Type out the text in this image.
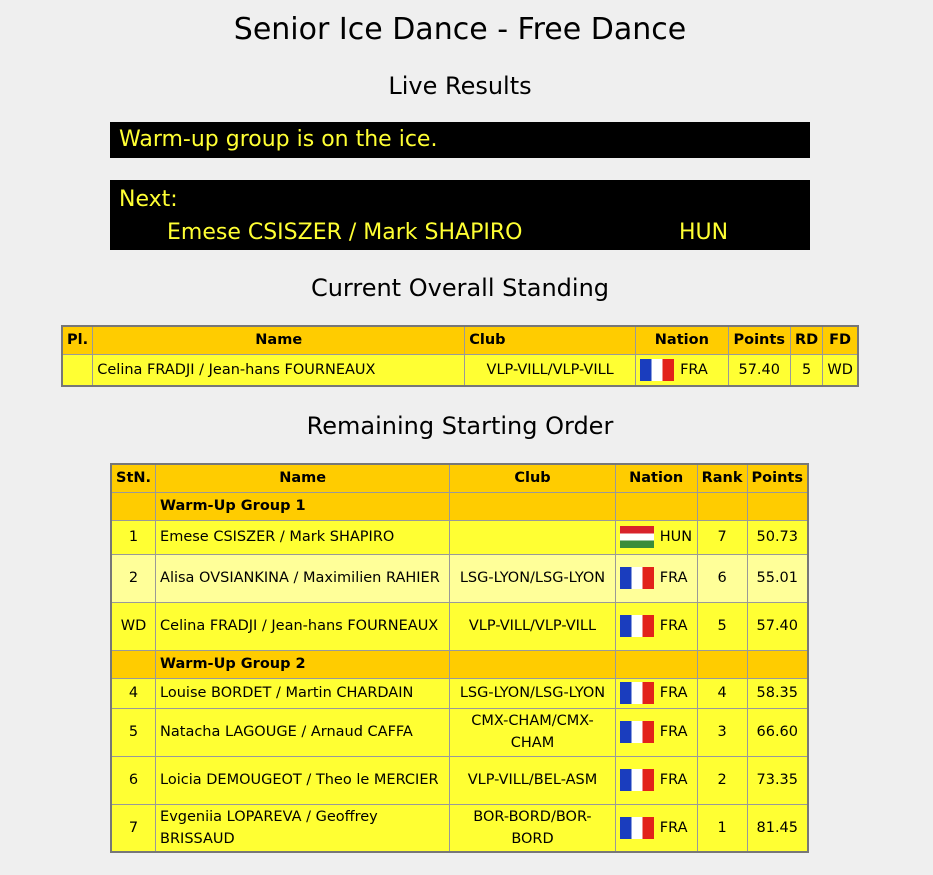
Senior Ice Dance - Free Dance
Live Results
Warm-up group is on the ice.
Next:
Emese CSISZER / Mark SHAPIRO	HUN
Current Overall Standing
Pl.	Name	Club	Nation	Points	RD	FD
	Celina FRADJI / Jean-hans FOURNEAUX	VLP-VILL/VLP-VILL	FRA	57.40	5	WD
Remaining Starting Order
StN.	Name	Club	Nation	Rank	Points
	Warm-Up Group 1				
1	Emese CSISZER / Mark SHAPIRO		HUN	7	50.73
2	Alisa OVSIANKINA / Maximilien RAHIER	LSG-LYON/LSG-LYON	FRA	6	55.01
WD	Celina FRADJI / Jean-hans FOURNEAUX	VLP-VILL/VLP-VILL	FRA	5	57.40
	Warm-Up Group 2				
4	Louise BORDET / Martin CHARDAIN	LSG-LYON/LSG-LYON	FRA	4	58.35
5	Natacha LAGOUGE / Arnaud CAFFA	CMX-CHAM/CMX-CHAM	FRA	3	66.60
6	Loicia DEMOUGEOT / Theo le MERCIER	VLP-VILL/BEL-ASM	FRA	2	73.35
7	Evgeniia LOPAREVA / Geoffrey BRISSAUD	BOR-BORD/BOR-BORD	FRA	1	81.45
